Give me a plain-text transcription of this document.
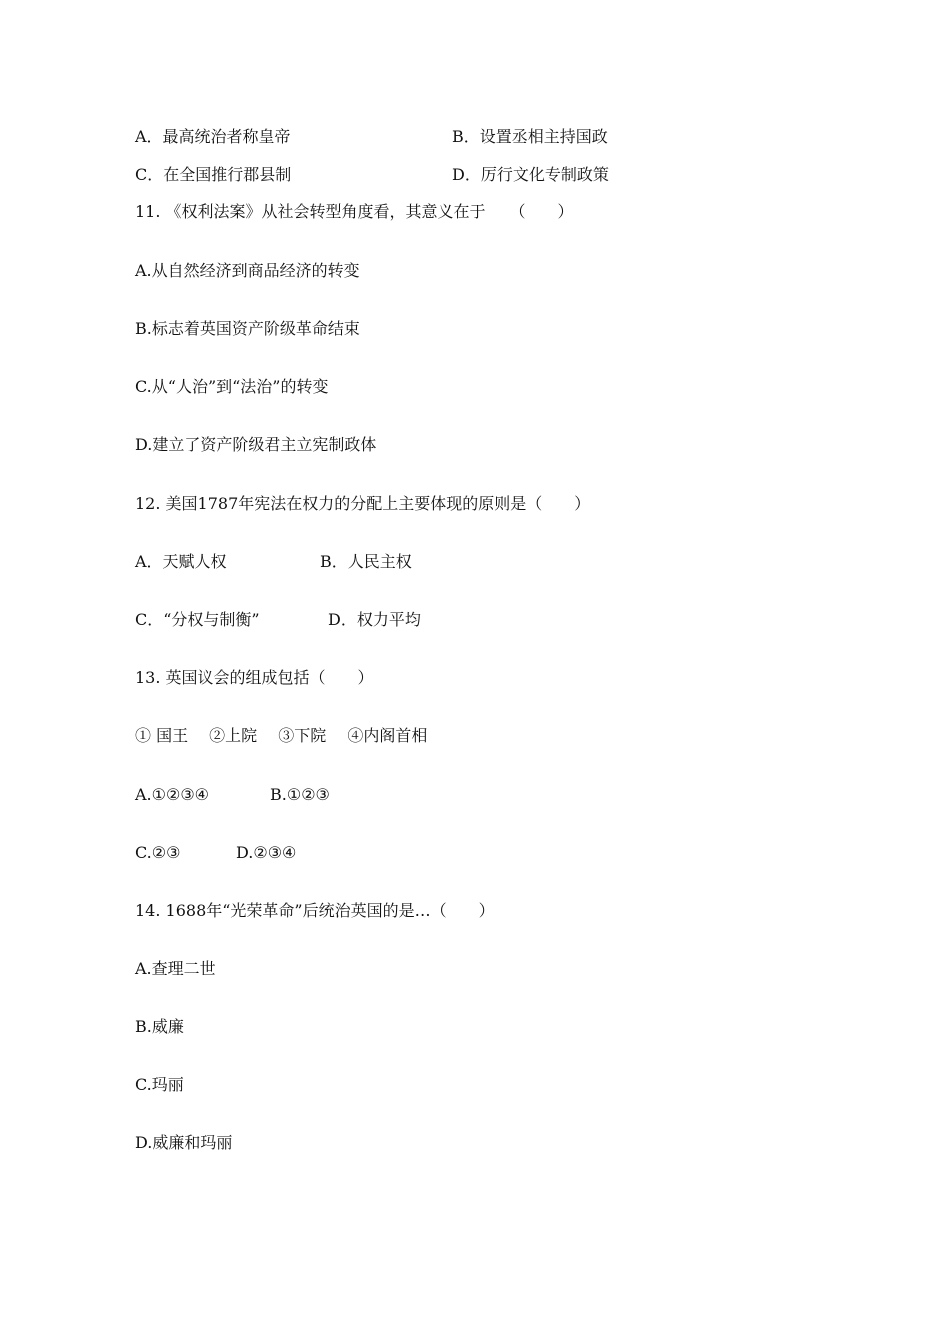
A．最高统治者称皇帝	B．设置丞相主持国政
C．在全国推行郡县制	D．厉行文化专制政策
11. 《权利法案》从社会转型角度看，其意义在于　　（　　）
A.从自然经济到商品经济的转变
B.标志着英国资产阶级革命结束
C.从“人治”到“法治”的转变
D.建立了资产阶级君主立宪制政体
12. 美国1787年宪法在权力的分配上主要体现的原则是（　　）
A．天赋人权	B．人民主权
C．“分权与制衡”	D．权力平均
13. 英国议会的组成包括（　　）
① 国王　 ②上院　 ③下院　 ④内阁首相
A.①②③④	B.①②③
C.②③	D.②③④
14. 1688年“光荣革命”后统治英国的是…（　　）
A.查理二世
B.威廉
C.玛丽
D.威廉和玛丽
